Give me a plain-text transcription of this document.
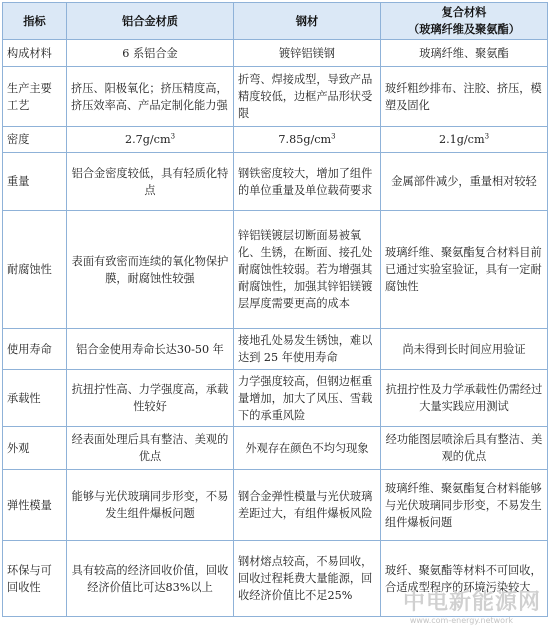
指标	铝合金材质	钢材	复合材料
（玻璃纤维及聚氨酯）

构成材料	6 系铝合金	镀锌铝镁钢	玻璃纤维、聚氨酯
生产主要工艺	挤压、阳极氧化；挤压精度高，挤压效率高、产品定制化能力强	折弯、焊接成型，导致产品精度较低，边框产品形状受限	玻纤粗纱排布、注胶、挤压，模塑及固化
密度	$2.7g/cm^3$	$7.85g/cm^3$	$2.1g/cm^3$
重量	铝合金密度较低，具有轻质化特点	钢铁密度较大，增加了组件的单位重量及单位载荷要求	金属部件减少，重量相对较轻
耐腐蚀性	表面有致密而连续的氧化物保护膜，耐腐蚀性较强	锌铝镁镀层切断面易被氧化、生锈，在断面、接孔处耐腐蚀性较弱。若为增强其耐腐蚀性，加强其锌铝镁镀层厚度需要更高的成本	玻璃纤维、聚氨酯复合材料目前已通过实验室验证，具有一定耐腐蚀性
使用寿命	铝合金使用寿命长达30-50 年	接地孔处易发生锈蚀，难以达到 25 年使用寿命	尚未得到长时间应用验证
承载性	抗扭拧性高、力学强度高，承载性较好	力学强度较高，但钢边框重量增加，加大了风压、雪载下的承重风险	抗扭拧性及力学承载性仍需经过大量实践应用测试
外观	经表面处理后具有整洁、美观的优点	外观存在颜色不均匀现象	经功能图层喷涂后具有整洁、美观的优点
弹性模量	能够与光伏玻璃同步形变，不易发生组件爆板问题	钢合金弹性模量与光伏玻璃差距过大，有组件爆板风险	玻璃纤维、聚氨酯复合材料能够与光伏玻璃同步形变，不易发生组件爆板问题
环保与可回收性	具有较高的经济回收价值，回收经济价值比可达83%以上	钢材熔点较高，不易回收，回收过程耗费大量能源，回收经济价值比不足25%	玻纤、聚氨酯等材料不可回收，合适成型程序的环境污染较大
中电新能源网
www.com-energy.network
